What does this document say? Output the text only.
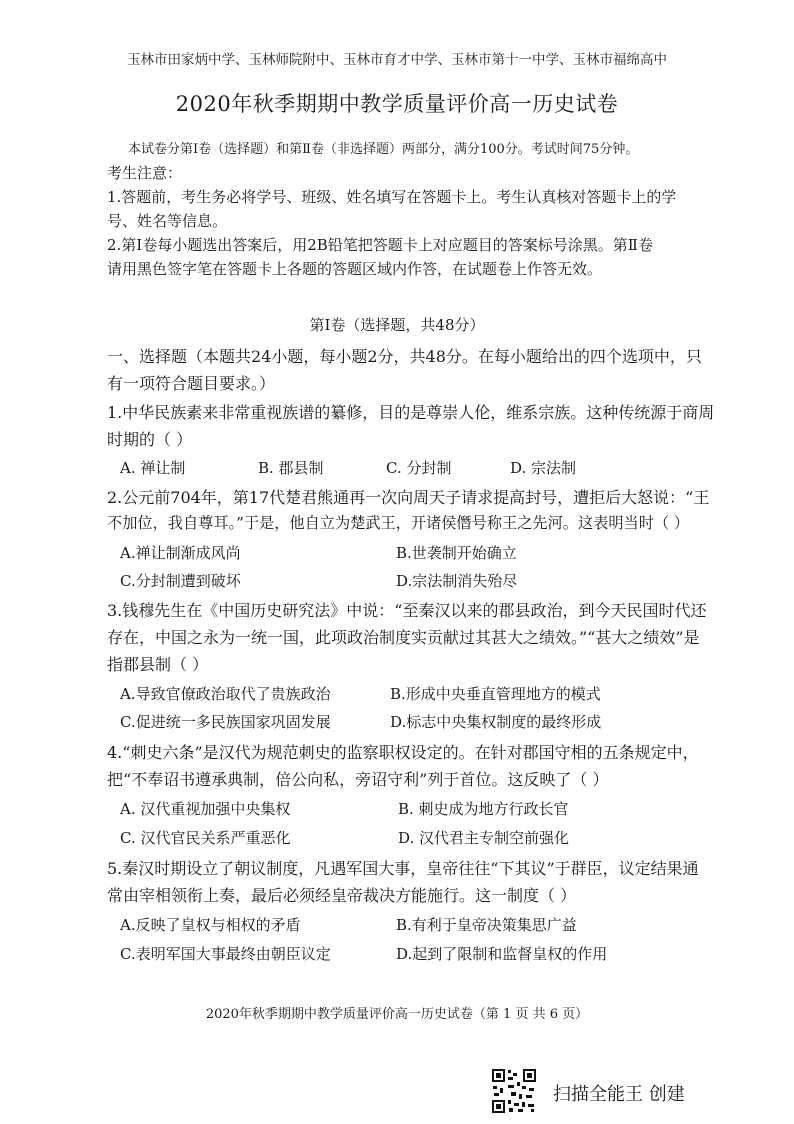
玉林市田家炳中学、玉林师院附中、玉林市育才中学、玉林市第十一中学、玉林市福绵高中
2020年秋季期期中教学质量评价高一历史试卷
本试卷分第Ⅰ卷（选择题）和第Ⅱ卷（非选择题）两部分，满分100分。考试时间75分钟。
考生注意：
1.答题前，考生务必将学号、班级、姓名填写在答题卡上。考生认真核对答题卡上的学
号、姓名等信息。
2.第Ⅰ卷每小题选出答案后，用2B铅笔把答题卡上对应题目的答案标号涂黑。第Ⅱ卷
请用黑色签字笔在答题卡上各题的答题区域内作答，在试题卷上作答无效。
第Ⅰ卷（选择题，共48分）
一、选择题（本题共24小题，每小题2分，共48分。在每小题给出的四个选项中，只
有一项符合题目要求。）
1.中华民族素来非常重视族谱的纂修，目的是尊崇人伦，维系宗族。这种传统源于商周
时期的（ ）
A. 禅让制	B. 郡县制	C. 分封制	D. 宗法制
2.公元前704年，第17代楚君熊通再一次向周天子请求提高封号，遭拒后大怒说：“王
不加位，我自尊耳。”于是，他自立为楚武王，开诸侯僭号称王之先河。这表明当时（ ）
A.禅让制渐成风尚	B.世袭制开始确立
C.分封制遭到破坏	D.宗法制消失殆尽
3.钱穆先生在《中国历史研究法》中说：“至秦汉以来的郡县政治，到今天民国时代还
存在，中国之永为一统一国，此项政治制度实贡献过其甚大之绩效。”“甚大之绩效”是
指郡县制（ ）
A.导致官僚政治取代了贵族政治	B.形成中央垂直管理地方的模式
C.促进统一多民族国家巩固发展	D.标志中央集权制度的最终形成
4.“刺史六条”是汉代为规范刺史的监察职权设定的。在针对郡国守相的五条规定中，
把“不奉诏书遵承典制，倍公向私，旁诏守利”列于首位。这反映了（ ）
A. 汉代重视加强中央集权	B. 刺史成为地方行政长官
C. 汉代官民关系严重恶化	D. 汉代君主专制空前强化
5.秦汉时期设立了朝议制度，凡遇军国大事，皇帝往往“下其议”于群臣，议定结果通
常由宰相领衔上奏，最后必须经皇帝裁决方能施行。这一制度（ ）
A.反映了皇权与相权的矛盾	B.有利于皇帝决策集思广益
C.表明军国大事最终由朝臣议定	D.起到了限制和监督皇权的作用
2020年秋季期期中教学质量评价高一历史试卷（第 1 页 共 6 页）
扫描全能王 创建
